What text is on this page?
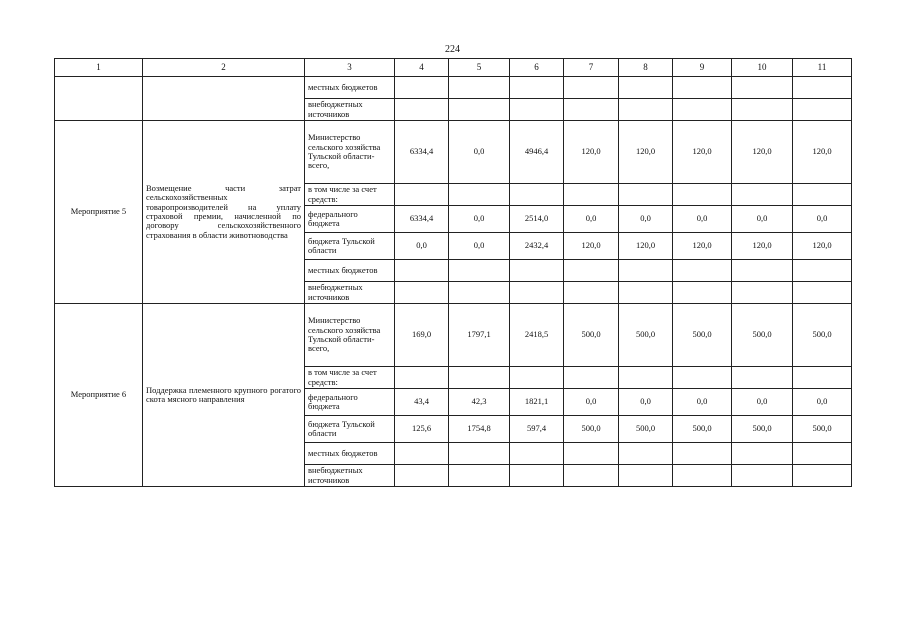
224
1	2	3	4	5	6	7	8	9	10	11
		местных бюджетов								
		внебюджетных источников								
Мероприятие 5	Возмещение части затрат сельскохозяйственных товаропроизводителей на уплату страховой премии, начисленной по договору сельскохозяйственного страхования в области животноводства	Министерство сельского хозяйства Тульской области-всего,	6334,4	0,0	4946,4	120,0	120,0	120,0	120,0	120,0
		в том числе за счет средств:								
		федерального бюджета	6334,4	0,0	2514,0	0,0	0,0	0,0	0,0	0,0
		бюджета Тульской области	0,0	0,0	2432,4	120,0	120,0	120,0	120,0	120,0
		местных бюджетов								
		внебюджетных источников								
Мероприятие 6	Поддержка племенного крупного рогатого скота мясного направления	Министерство сельского хозяйства Тульской области-всего,	169,0	1797,1	2418,5	500,0	500,0	500,0	500,0	500,0
		в том числе за счет средств:								
		федерального бюджета	43,4	42,3	1821,1	0,0	0,0	0,0	0,0	0,0
		бюджета Тульской области	125,6	1754,8	597,4	500,0	500,0	500,0	500,0	500,0
		местных бюджетов								
		внебюджетных источников								
